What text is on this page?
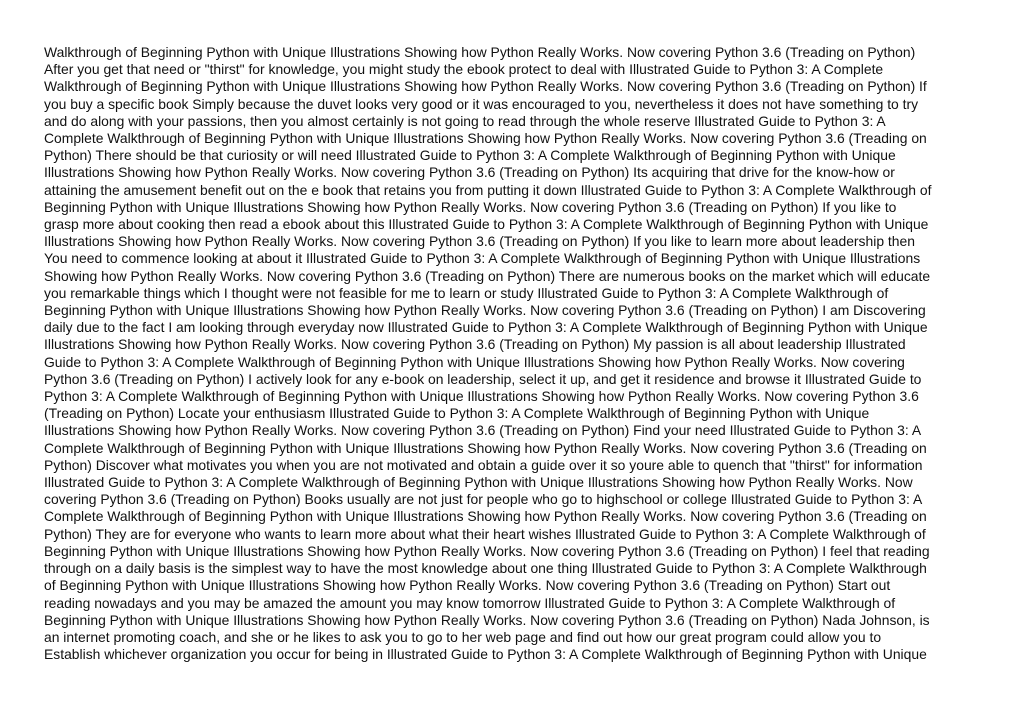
Walkthrough of Beginning Python with Unique Illustrations Showing how Python Really Works. Now covering Python 3.6 (Treading on Python)
After you get that need or "thirst" for knowledge, you might study the ebook protect to deal with Illustrated Guide to Python 3: A Complete
Walkthrough of Beginning Python with Unique Illustrations Showing how Python Really Works. Now covering Python 3.6 (Treading on Python) If
you buy a specific book Simply because the duvet looks very good or it was encouraged to you, nevertheless it does not have something to try
and do along with your passions, then you almost certainly is not going to read through the whole reserve Illustrated Guide to Python 3: A
Complete Walkthrough of Beginning Python with Unique Illustrations Showing how Python Really Works. Now covering Python 3.6 (Treading on
Python) There should be that curiosity or will need Illustrated Guide to Python 3: A Complete Walkthrough of Beginning Python with Unique
Illustrations Showing how Python Really Works. Now covering Python 3.6 (Treading on Python) Its acquiring that drive for the know-how or
attaining the amusement benefit out on the e book that retains you from putting it down Illustrated Guide to Python 3: A Complete Walkthrough of
Beginning Python with Unique Illustrations Showing how Python Really Works. Now covering Python 3.6 (Treading on Python) If you like to
grasp more about cooking then read a ebook about this Illustrated Guide to Python 3: A Complete Walkthrough of Beginning Python with Unique
Illustrations Showing how Python Really Works. Now covering Python 3.6 (Treading on Python) If you like to learn more about leadership then
You need to commence looking at about it Illustrated Guide to Python 3: A Complete Walkthrough of Beginning Python with Unique Illustrations
Showing how Python Really Works. Now covering Python 3.6 (Treading on Python) There are numerous books on the market which will educate
you remarkable things which I thought were not feasible for me to learn or study Illustrated Guide to Python 3: A Complete Walkthrough of
Beginning Python with Unique Illustrations Showing how Python Really Works. Now covering Python 3.6 (Treading on Python) I am Discovering
daily due to the fact I am looking through everyday now Illustrated Guide to Python 3: A Complete Walkthrough of Beginning Python with Unique
Illustrations Showing how Python Really Works. Now covering Python 3.6 (Treading on Python) My passion is all about leadership Illustrated
Guide to Python 3: A Complete Walkthrough of Beginning Python with Unique Illustrations Showing how Python Really Works. Now covering
Python 3.6 (Treading on Python) I actively look for any e-book on leadership, select it up, and get it residence and browse it Illustrated Guide to
Python 3: A Complete Walkthrough of Beginning Python with Unique Illustrations Showing how Python Really Works. Now covering Python 3.6
(Treading on Python) Locate your enthusiasm Illustrated Guide to Python 3: A Complete Walkthrough of Beginning Python with Unique
Illustrations Showing how Python Really Works. Now covering Python 3.6 (Treading on Python) Find your need Illustrated Guide to Python 3: A
Complete Walkthrough of Beginning Python with Unique Illustrations Showing how Python Really Works. Now covering Python 3.6 (Treading on
Python) Discover what motivates you when you are not motivated and obtain a guide over it so youre able to quench that "thirst" for information
Illustrated Guide to Python 3: A Complete Walkthrough of Beginning Python with Unique Illustrations Showing how Python Really Works. Now
covering Python 3.6 (Treading on Python) Books usually are not just for people who go to highschool or college Illustrated Guide to Python 3: A
Complete Walkthrough of Beginning Python with Unique Illustrations Showing how Python Really Works. Now covering Python 3.6 (Treading on
Python) They are for everyone who wants to learn more about what their heart wishes Illustrated Guide to Python 3: A Complete Walkthrough of
Beginning Python with Unique Illustrations Showing how Python Really Works. Now covering Python 3.6 (Treading on Python) I feel that reading
through on a daily basis is the simplest way to have the most knowledge about one thing Illustrated Guide to Python 3: A Complete Walkthrough
of Beginning Python with Unique Illustrations Showing how Python Really Works. Now covering Python 3.6 (Treading on Python) Start out
reading nowadays and you may be amazed the amount you may know tomorrow Illustrated Guide to Python 3: A Complete Walkthrough of
Beginning Python with Unique Illustrations Showing how Python Really Works. Now covering Python 3.6 (Treading on Python) Nada Johnson, is
an internet promoting coach, and she or he likes to ask you to go to her web page and find out how our great program could allow you to
Establish whichever organization you occur for being in Illustrated Guide to Python 3: A Complete Walkthrough of Beginning Python with Unique
